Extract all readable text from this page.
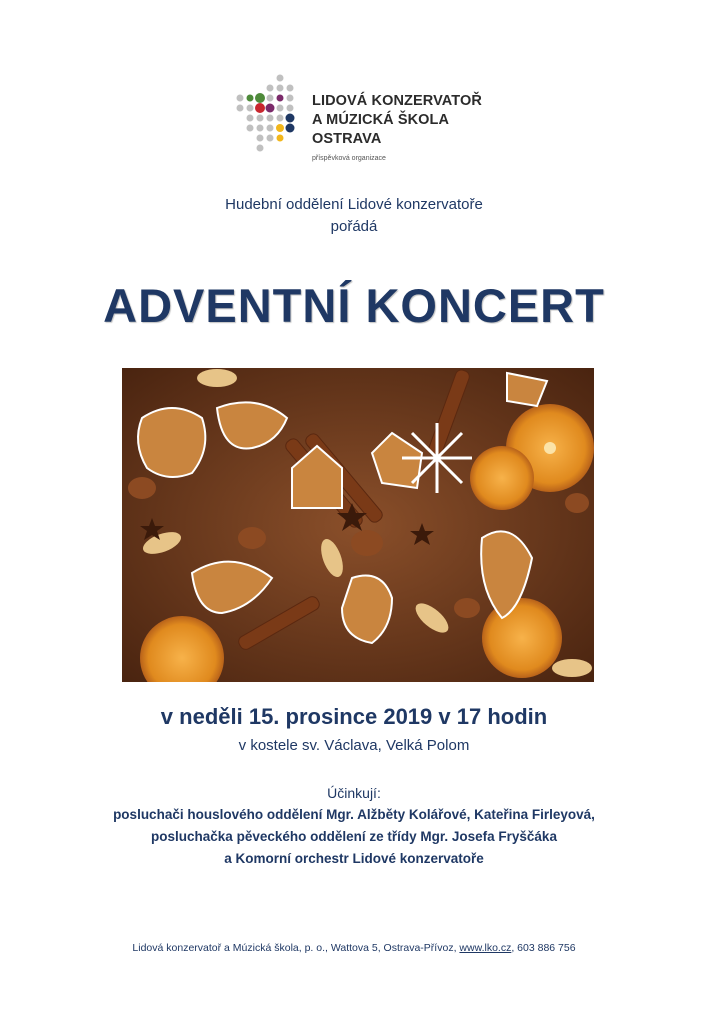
LIDOVÁ KONZERVATOŘ
A MÚZICKÁ ŠKOLA
OSTRAVA
příspěvková organizace
Hudební oddělení Lidové konzervatoře
pořádá
ADVENTNÍ KONCERT
v neděli 15. prosince 2019 v 17 hodin
v kostele sv. Václava, Velká Polom
Účinkují:
posluchači houslového oddělení Mgr. Alžběty Kolářové, Kateřina Firleyová,
posluchačka pěveckého oddělení ze třídy Mgr. Josefa Fryščáka
a Komorní orchestr Lidové konzervatoře
Lidová konzervatoř a Múzická škola, p. o., Wattova 5, Ostrava-Přívoz, www.lko.cz, 603 886 756
